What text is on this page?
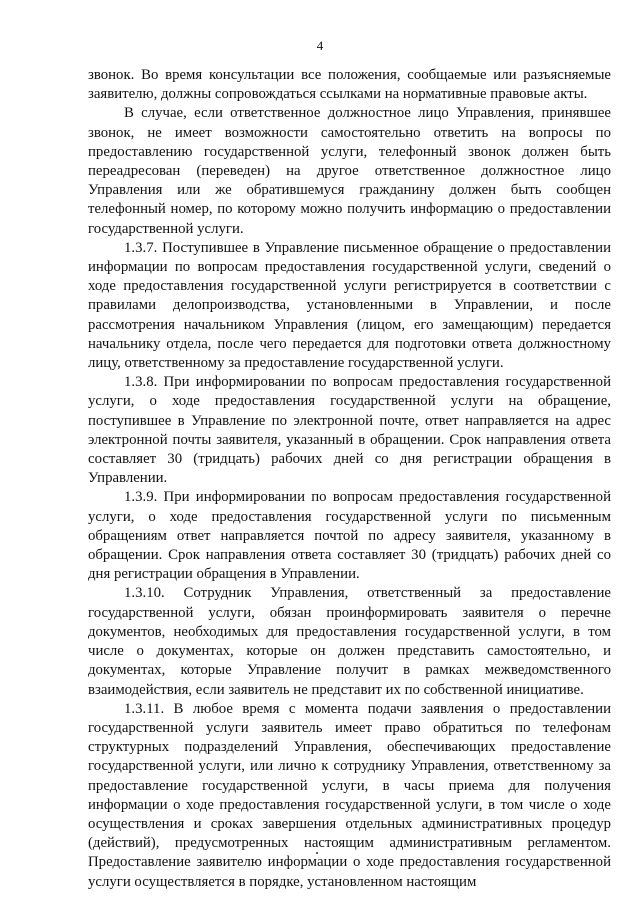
4

звонок. Во время консультации все положения, сообщаемые или разъясняемые заявителю, должны сопровождаться ссылками на нормативные правовые акты.

В случае, если ответственное должностное лицо Управления, принявшее звонок, не имеет возможности самостоятельно ответить на вопросы по предоставлению государственной услуги, телефонный звонок должен быть переадресован (переведен) на другое ответственное должностное лицо Управления или же обратившемуся гражданину должен быть сообщен телефонный номер, по которому можно получить информацию о предоставлении государственной услуги.

1.3.7. Поступившее в Управление письменное обращение о предоставлении информации по вопросам предоставления государственной услуги, сведений о ходе предоставления государственной услуги регистрируется в соответствии с правилами делопроизводства, установленными в Управлении, и после рассмотрения начальником Управления (лицом, его замещающим) передается начальнику отдела, после чего передается для подготовки ответа должностному лицу, ответственному за предоставление государственной услуги.

1.3.8. При информировании по вопросам предоставления государственной услуги, о ходе предоставления государственной услуги на обращение, поступившее в Управление по электронной почте, ответ направляется на адрес электронной почты заявителя, указанный в обращении. Срок направления ответа составляет 30 (тридцать) рабочих дней со дня регистрации обращения в Управлении.

1.3.9. При информировании по вопросам предоставления государственной услуги, о ходе предоставления государственной услуги по письменным обращениям ответ направляется почтой по адресу заявителя, указанному в обращении. Срок направления ответа составляет 30 (тридцать) рабочих дней со дня регистрации обращения в Управлении.

1.3.10. Сотрудник Управления, ответственный за предоставление государственной услуги, обязан проинформировать заявителя о перечне документов, необходимых для предоставления государственной услуги, в том числе о документах, которые он должен представить самостоятельно, и документах, которые Управление получит в рамках межведомственного взаимодействия, если заявитель не представит их по собственной инициативе.

1.3.11. В любое время с момента подачи заявления о предоставлении государственной услуги заявитель имеет право обратиться по телефонам структурных подразделений Управления, обеспечивающих предоставление государственной услуги, или лично к сотруднику Управления, ответственному за предоставление государственной услуги, в часы приема для получения информации о ходе предоставления государственной услуги, в том числе о ходе осуществления и сроках завершения отдельных административных процедур (действий), предусмотренных настоящим административным регламентом. Предоставление заявителю информации о ходе предоставления государственной услуги осуществляется в порядке, установленном настоящим
